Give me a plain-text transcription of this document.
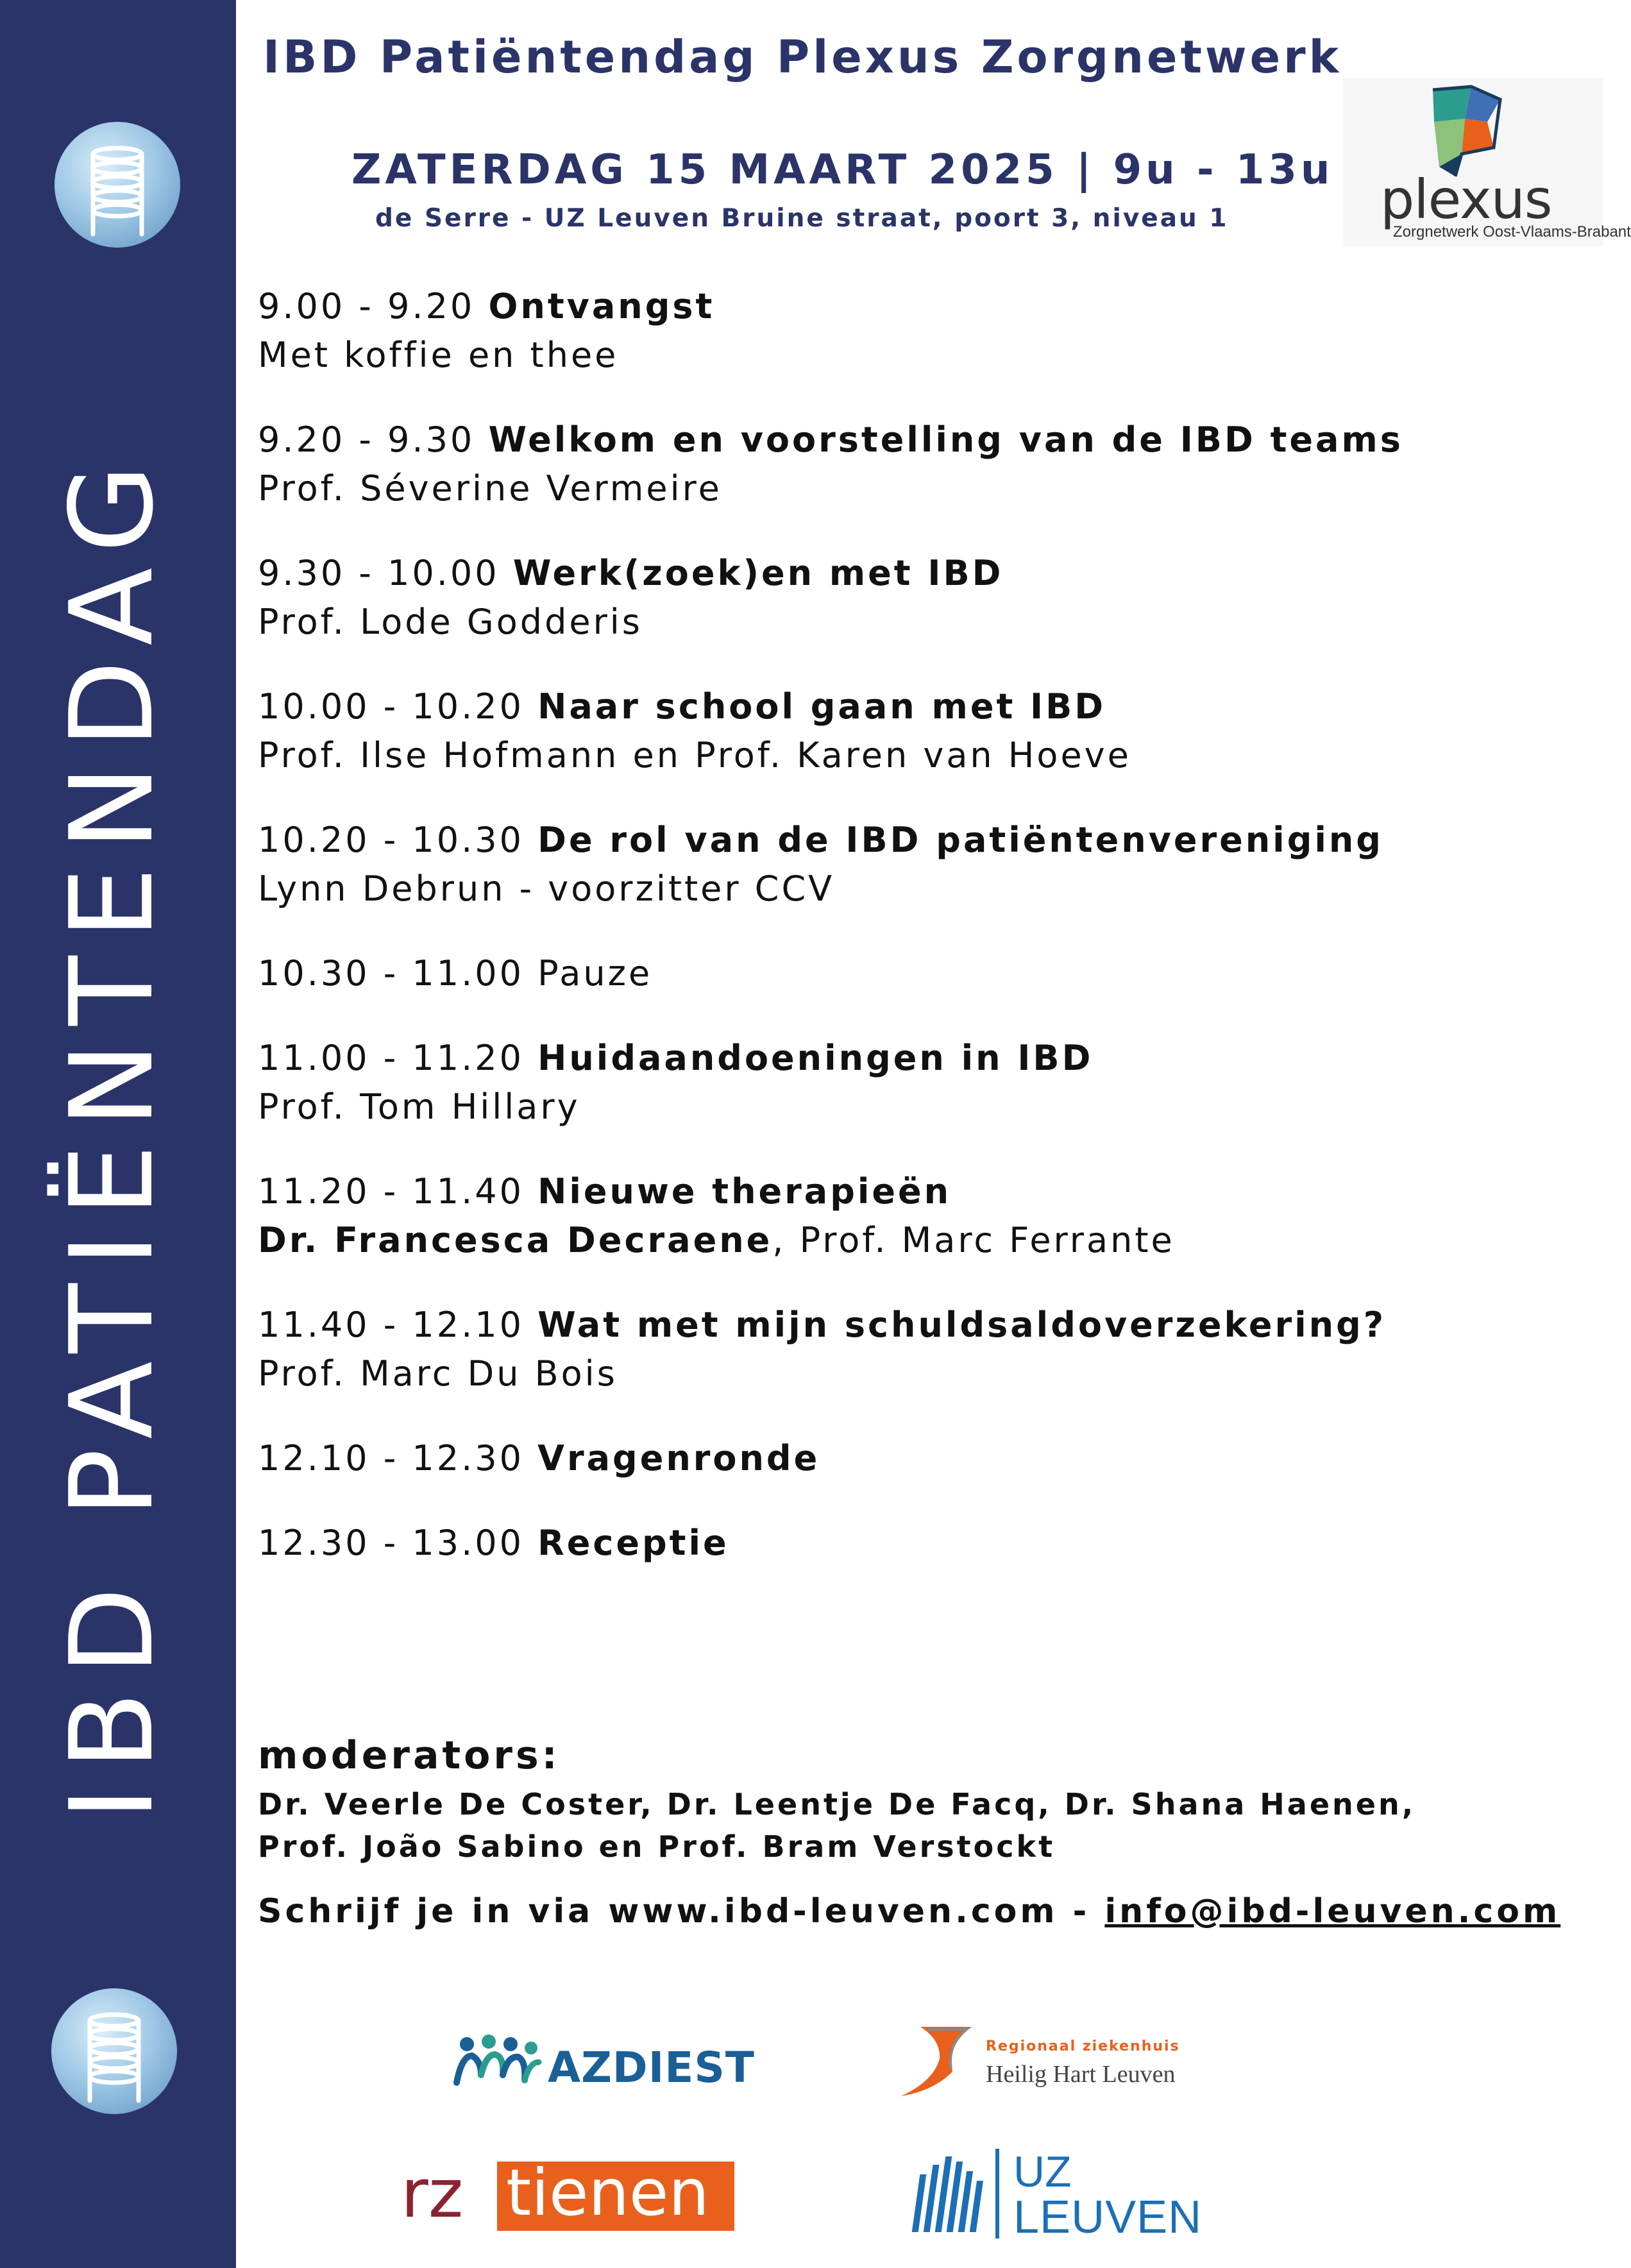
IBD PATIËNTENDAG
IBD Patiëntendag Plexus Zorgnetwerk
ZATERDAG 15 MAART 2025 | 9u - 13u
de Serre - UZ Leuven Bruine straat, poort 3, niveau 1	plexus
Zorgnetwerk Oost-Vlaams-Brabant
9.00 - 9.20 Ontvangst
Met koffie en thee
9.20 - 9.30 Welkom en voorstelling van de IBD teams
Prof. Séverine Vermeire
9.30 - 10.00 Werk(zoek)en met IBD
Prof. Lode Godderis
10.00 - 10.20 Naar school gaan met IBD
Prof. Ilse Hofmann en Prof. Karen van Hoeve
10.20 - 10.30 De rol van de IBD patiëntenvereniging
Lynn Debrun - voorzitter CCV
10.30 - 11.00 Pauze
11.00 - 11.20 Huidaandoeningen in IBD
Prof. Tom Hillary
11.20 - 11.40 Nieuwe therapieën
Dr. Francesca Decraene, Prof. Marc Ferrante
11.40 - 12.10 Wat met mijn schuldsaldoverzekering?
Prof. Marc Du Bois
12.10 - 12.30 Vragenronde
12.30 - 13.00 Receptie
moderators:
Dr. Veerle De Coster, Dr. Leentje De Facq, Dr. Shana Haenen,
Prof. João Sabino en Prof. Bram Verstockt
Schrijf je in via www.ibd-leuven.com - info@ibd-leuven.com
AZDIEST	Regionaal ziekenhuis
Heilig Hart Leuven
rz tienen	UZ
LEUVEN
